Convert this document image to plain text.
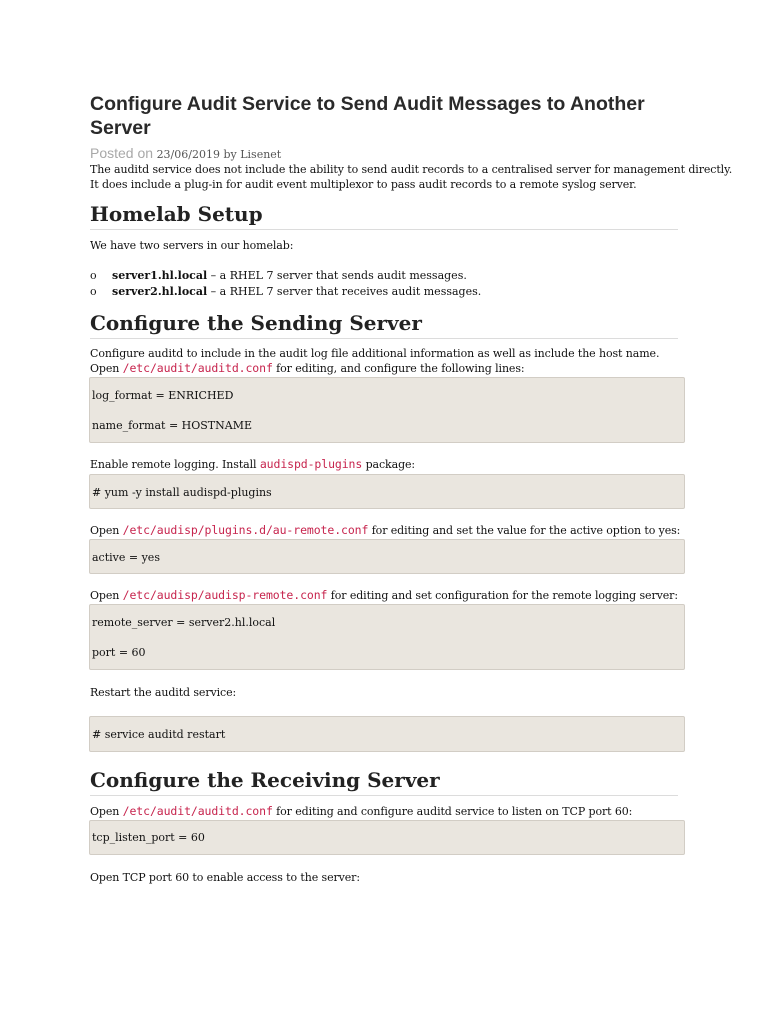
Configure Audit Service to Send Audit Messages to Another Server
Posted on 23/06/2019 by Lisenet
The auditd service does not include the ability to send audit records to a centralised server for management directly.
It does include a plug-in for audit event multiplexor to pass audit records to a remote syslog server.
Homelab Setup
We have two servers in our homelab:
o server1.hl.local – a RHEL 7 server that sends audit messages.
o server2.hl.local – a RHEL 7 server that receives audit messages.
Configure the Sending Server
Configure auditd to include in the audit log file additional information as well as include the host name.
Open /etc/audit/auditd.conf for editing, and configure the following lines:
log_format = ENRICHED
name_format = HOSTNAME
Enable remote logging. Install audispd-plugins package:
# yum -y install audispd-plugins
Open /etc/audisp/plugins.d/au-remote.conf for editing and set the value for the active option to yes:
active = yes
Open /etc/audisp/audisp-remote.conf for editing and set configuration for the remote logging server:
remote_server = server2.hl.local
port = 60
Restart the auditd service:
# service auditd restart
Configure the Receiving Server
Open /etc/audit/auditd.conf for editing and configure auditd service to listen on TCP port 60:
tcp_listen_port = 60
Open TCP port 60 to enable access to the server:
